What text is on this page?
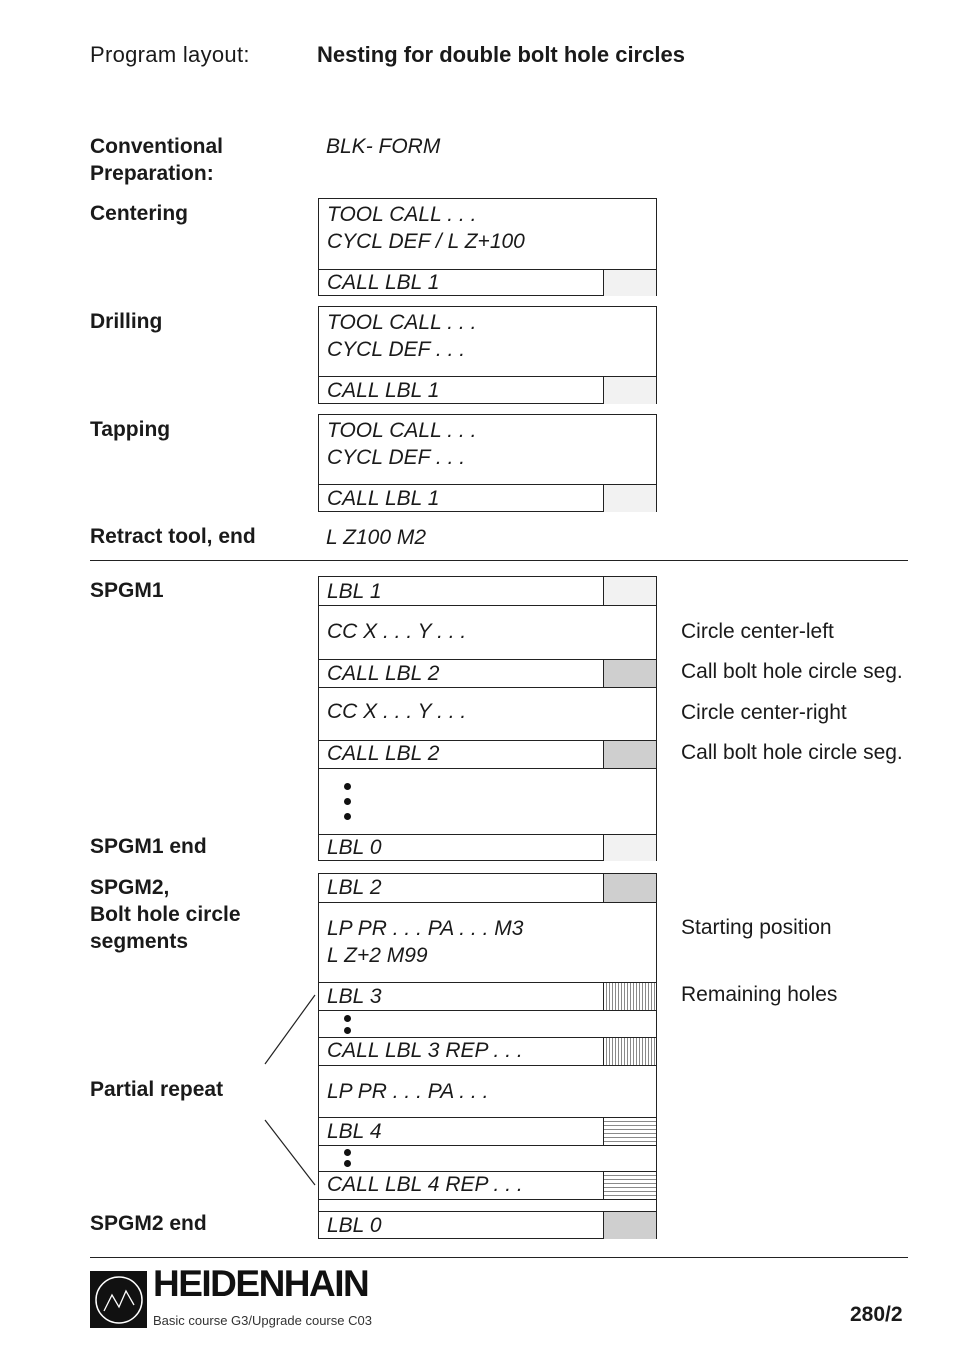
Program layout:	Nesting for double bolt hole circles
Conventional
Preparation:
Centering
Drilling
Tapping
Retract tool, end
SPGM1
SPGM1 end
SPGM2,
Bolt hole circle
segments
Partial repeat
SPGM2 end
BLK- FORM
L Z100 M2
TOOL CALL . . .
CYCL DEF / L Z+100
CALL LBL 1
TOOL CALL . . .
CYCL DEF . . .
CALL LBL 1
TOOL CALL . . .
CYCL DEF . . .
CALL LBL 1
LBL 1
CC X . . . Y . . .
CALL LBL 2
CC X . . . Y . . .
CALL LBL 2
LBL 0
LBL 2
LP PR . . . PA . . . M3
L Z+2 M99
LBL 3
CALL LBL 3 REP . . .
LP PR . . . PA . . .
LBL 4
CALL LBL 4 REP . . .
LBL 0
Circle center-left
Call bolt hole circle seg.
Circle center-right
Call bolt hole circle seg.
Starting position
Remaining holes
HEIDENHAIN
Basic course G3/Upgrade course C03	280/2
